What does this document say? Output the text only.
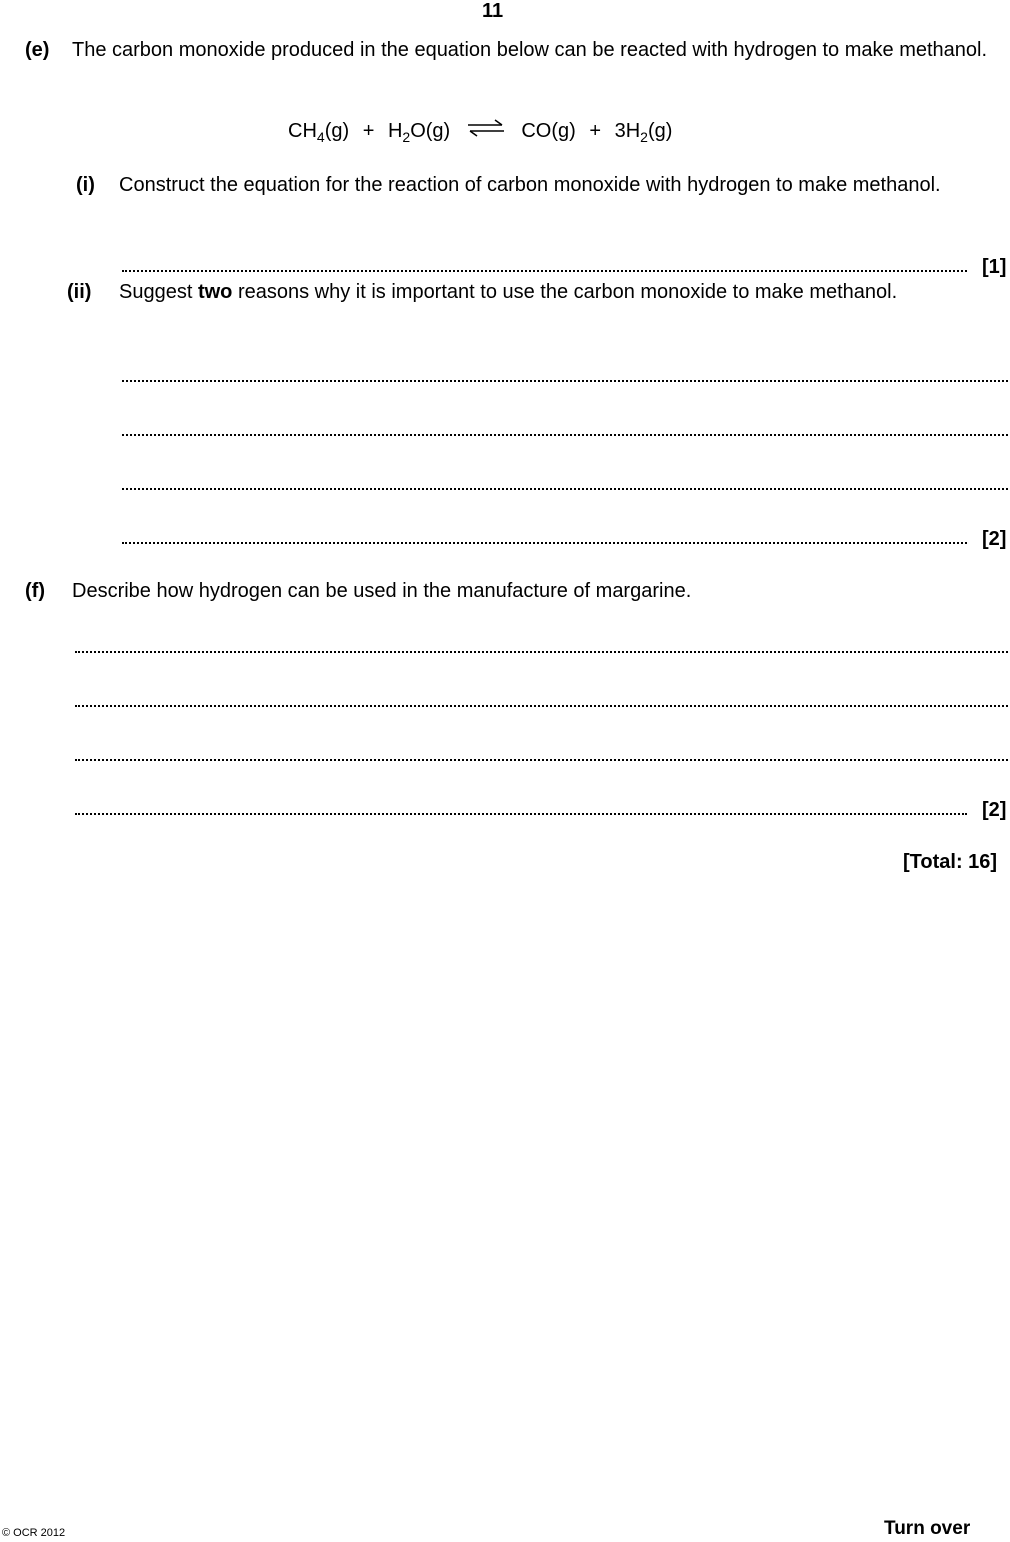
11
(e) The carbon monoxide produced in the equation below can be reacted with hydrogen to make methanol.
$CH_4(g) + H_2O(g)$ ⇌ $CO(g) + 3H_2(g)$
(i) Construct the equation for the reaction of carbon monoxide with hydrogen to make methanol.
[1]
(ii) Suggest two reasons why it is important to use the carbon monoxide to make methanol.
[2]
(f) Describe how hydrogen can be used in the manufacture of margarine.
[2]
[Total: 16]
© OCR 2012	Turn over
